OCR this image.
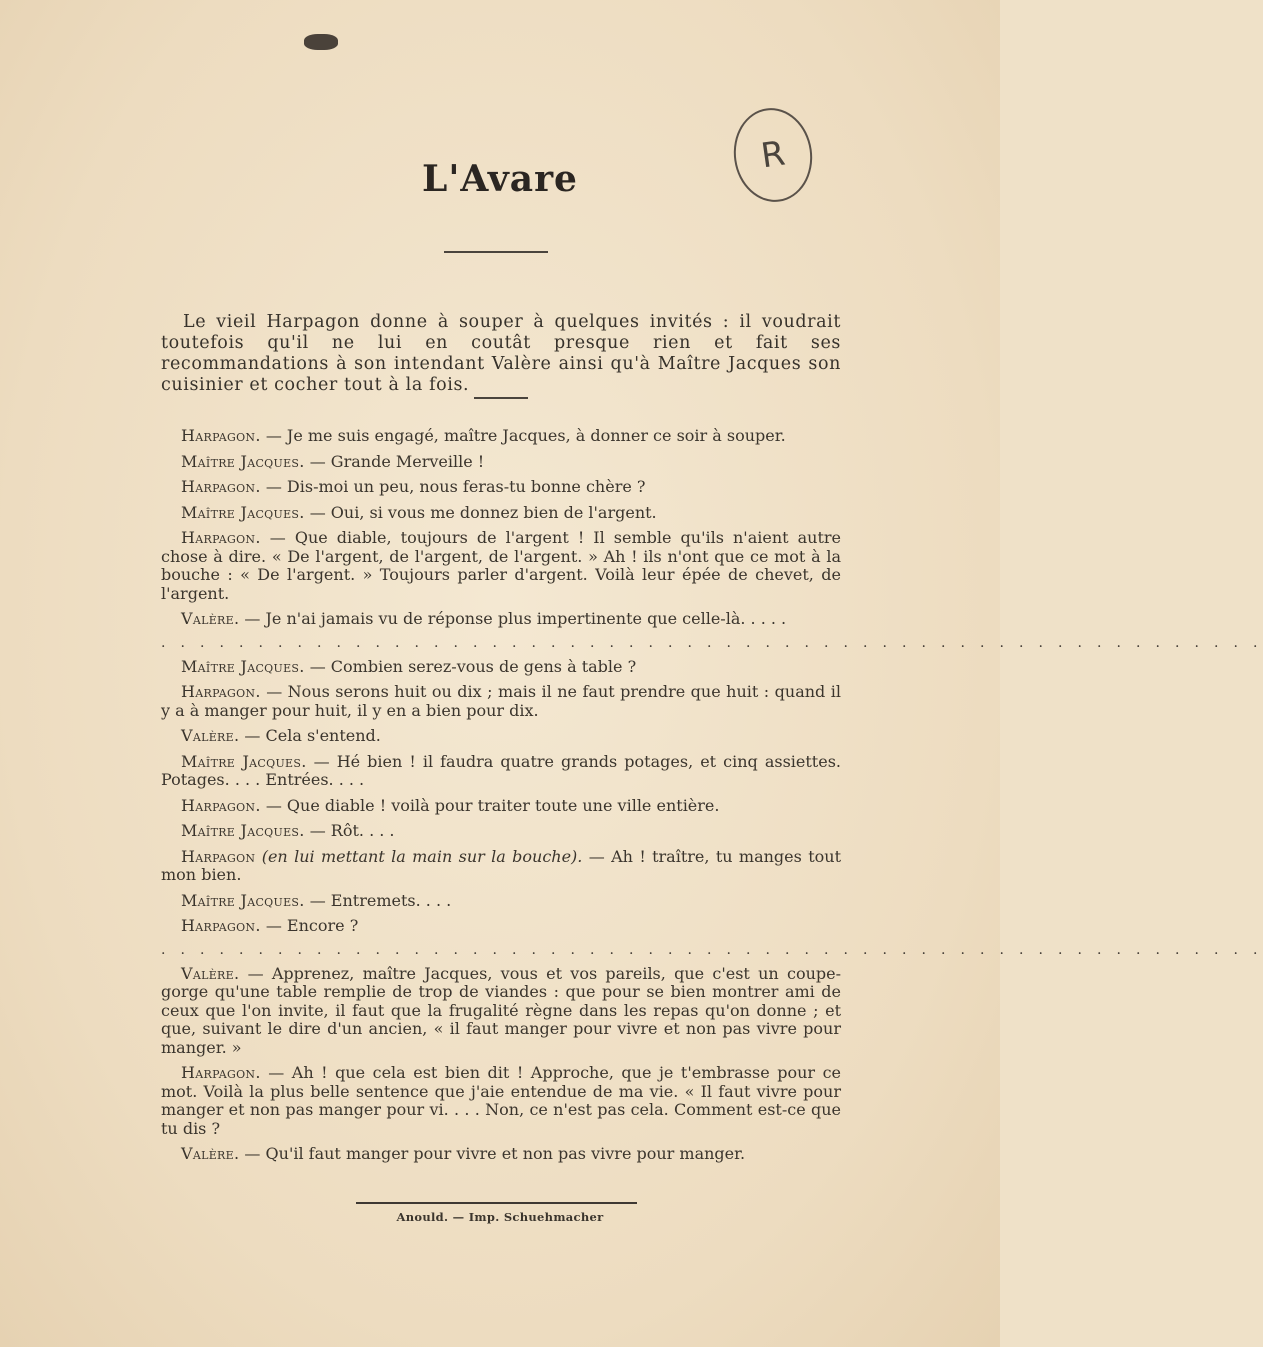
R
L'Avare

Le vieil Harpagon donne à souper à quelques invités : il voudrait toutefois qu'il ne lui en coutât presque rien et fait ses recommandations à son intendant Valère ainsi qu'à Maître Jacques son cuisinier et cocher tout à la fois.

Harpagon. — Je me suis engagé, maître Jacques, à donner ce soir à souper.

Maître Jacques. — Grande Merveille !

Harpagon. — Dis-moi un peu, nous feras-tu bonne chère ?

Maître Jacques. — Oui, si vous me donnez bien de l'argent.

Harpagon. — Que diable, toujours de l'argent ! Il semble qu'ils n'aient autre chose à dire. « De l'argent, de l'argent, de l'argent. » Ah ! ils n'ont que ce mot à la bouche : « De l'argent. » Toujours parler d'argent. Voilà leur épée de chevet, de l'argent.

Valère. — Je n'ai jamais vu de réponse plus impertinente que celle-là. . . . .

. . . . . . . . . . . . . . . . . . . . . . . . . . . . . . . . . . . . . . . . . . . . . . . . . . . . . . . . .

Maître Jacques. — Combien serez-vous de gens à table ?

Harpagon. — Nous serons huit ou dix ; mais il ne faut prendre que huit : quand il y a à manger pour huit, il y en a bien pour dix.

Valère. — Cela s'entend.

Maître Jacques. — Hé bien ! il faudra quatre grands potages, et cinq assiettes. Potages. . . . Entrées. . . .

Harpagon. — Que diable ! voilà pour traiter toute une ville entière.

Maître Jacques. — Rôt. . . .

Harpagon (en lui mettant la main sur la bouche). — Ah ! traître, tu manges tout mon bien.

Maître Jacques. — Entremets. . . .

Harpagon. — Encore ?

. . . . . . . . . . . . . . . . . . . . . . . . . . . . . . . . . . . . . . . . . . . . . . . . . . . . . . . . .

Valère. — Apprenez, maître Jacques, vous et vos pareils, que c'est un coupe-gorge qu'une table remplie de trop de viandes : que pour se bien montrer ami de ceux que l'on invite, il faut que la frugalité règne dans les repas qu'on donne ; et que, suivant le dire d'un ancien, « il faut manger pour vivre et non pas vivre pour manger. »

Harpagon. — Ah ! que cela est bien dit ! Approche, que je t'embrasse pour ce mot. Voilà la plus belle sentence que j'aie entendue de ma vie. « Il faut vivre pour manger et non pas manger pour vi. . . . Non, ce n'est pas cela. Comment est-ce que tu dis ?

Valère. — Qu'il faut manger pour vivre et non pas vivre pour manger.

Anould. — Imp. Schuehmacher
